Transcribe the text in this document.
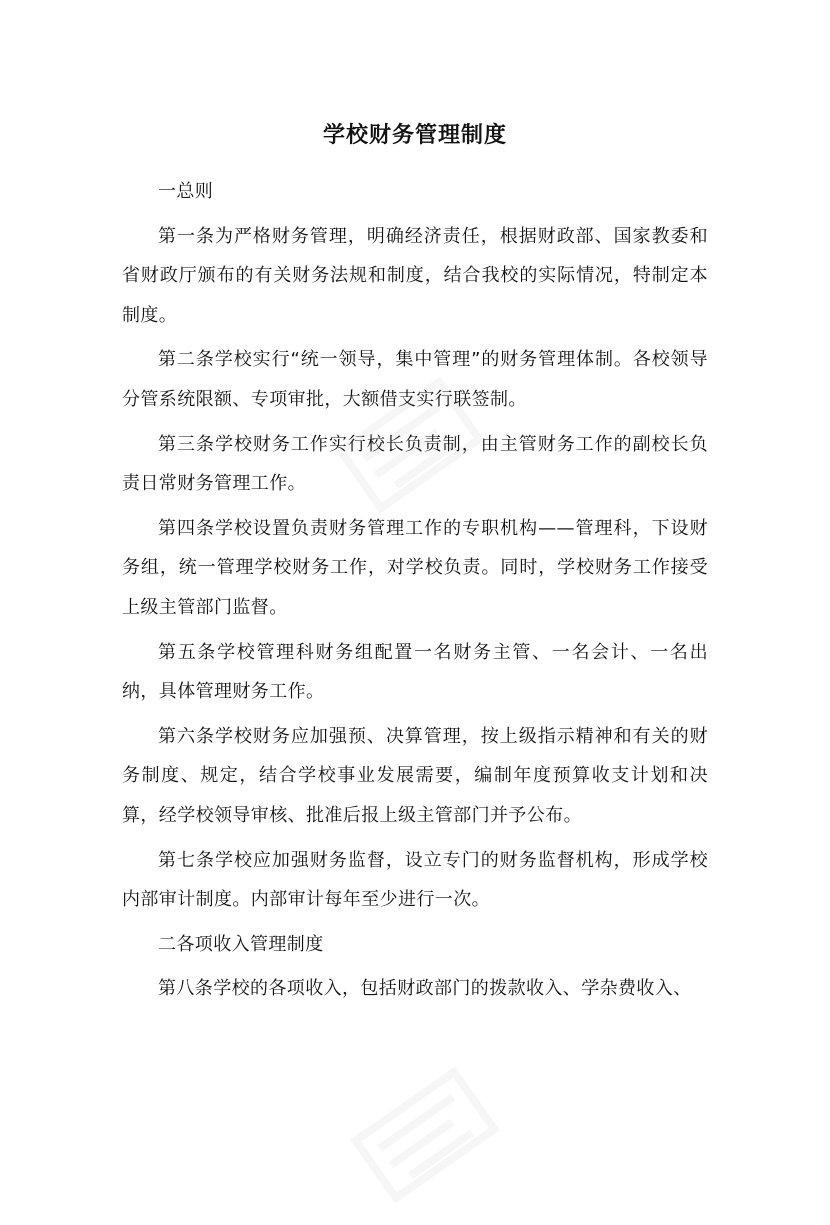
学校财务管理制度

一总则

第一条为严格财务管理，明确经济责任，根据财政部、国家教委和省财政厅颁布的有关财务法规和制度，结合我校的实际情况，特制定本制度。

第二条学校实行“统一领导，集中管理”的财务管理体制。各校领导分管系统限额、专项审批，大额借支实行联签制。

第三条学校财务工作实行校长负责制，由主管财务工作的副校长负责日常财务管理工作。

第四条学校设置负责财务管理工作的专职机构——管理科，下设财务组，统一管理学校财务工作，对学校负责。同时，学校财务工作接受上级主管部门监督。

第五条学校管理科财务组配置一名财务主管、一名会计、一名出纳，具体管理财务工作。

第六条学校财务应加强预、决算管理，按上级指示精神和有关的财务制度、规定，结合学校事业发展需要，编制年度预算收支计划和决算，经学校领导审核、批准后报上级主管部门并予公布。

第七条学校应加强财务监督，设立专门的财务监督机构，形成学校内部审计制度。内部审计每年至少进行一次。

二各项收入管理制度

第八条学校的各项收入，包括财政部门的拨款收入、学杂费收入、
